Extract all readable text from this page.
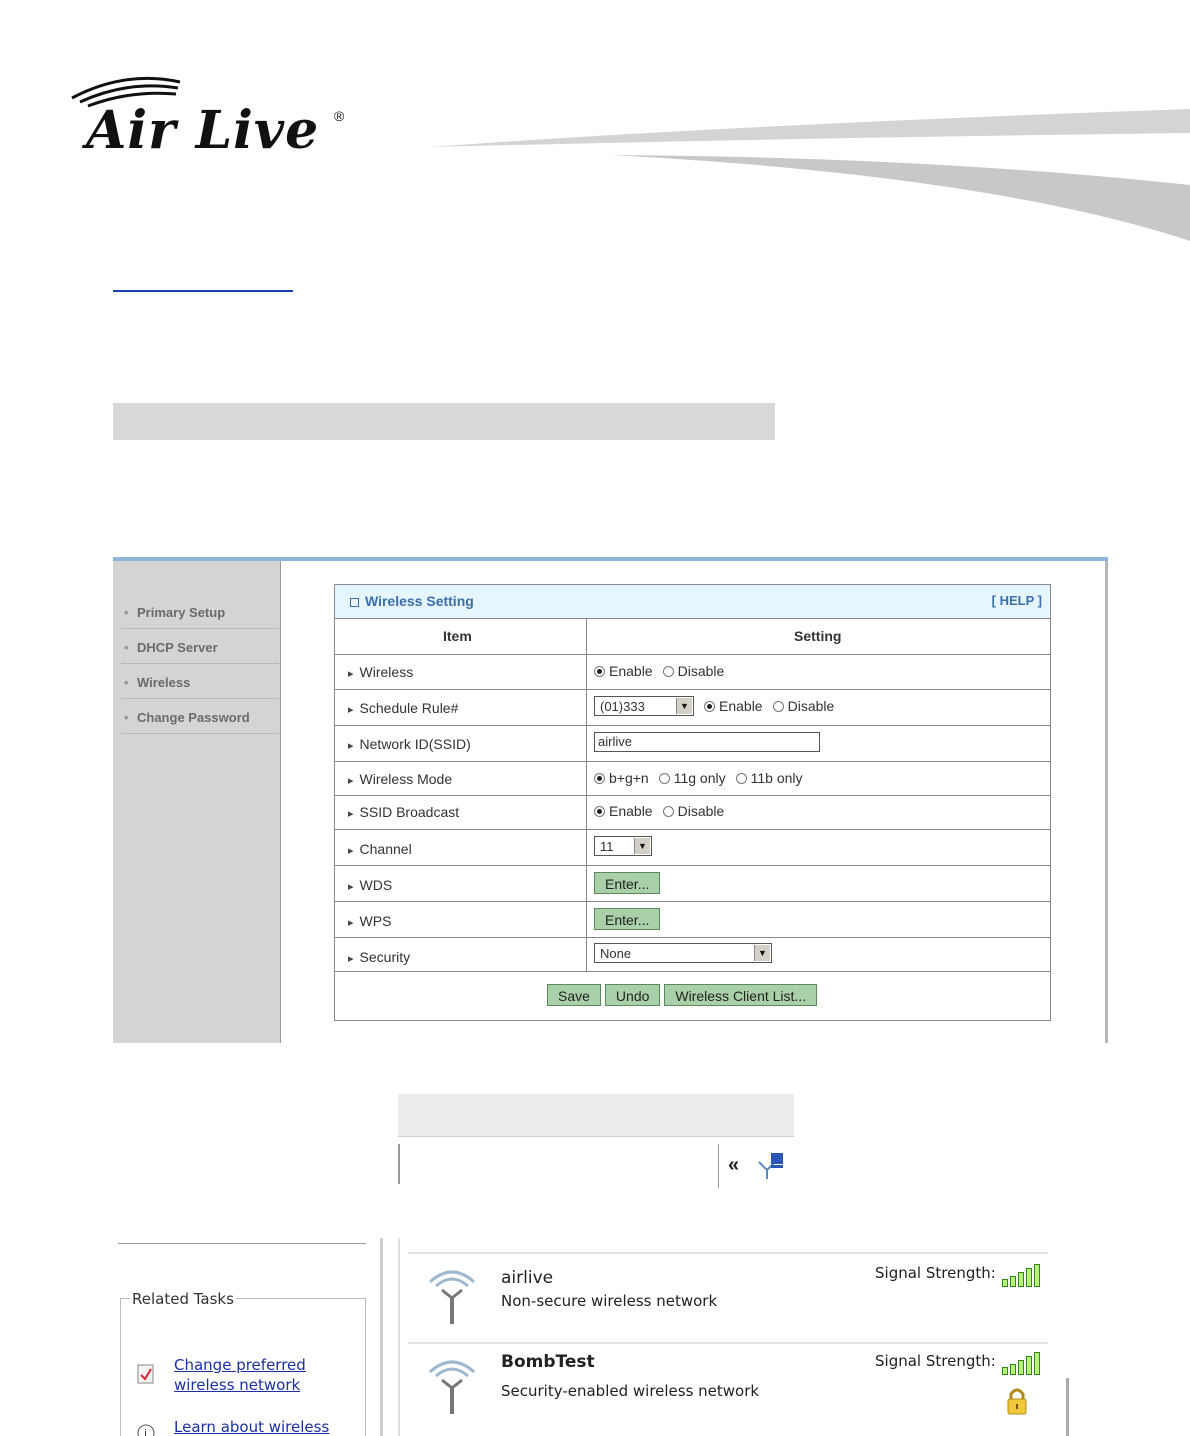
Air Live ®
• Primary Setup
• DHCP Server
• Wireless
• Change Password
Wireless Setting	[ HELP ]
Item	Setting
▸ Wireless	Enable Disable
▸ Schedule Rule#	(01)333	▼ Enable Disable
▸ Network ID(SSID)	airlive
▸ Wireless Mode	b+g+n 11g only 11b only
▸ SSID Broadcast	Enable Disable
▸ Channel	11	▼
▸ WDS	Enter...
▸ WPS	Enter...
▸ Security	None	▼
Save	Undo	Wireless Client List...
«
Related Tasks
Change preferred
wireless network
i Learn about wireless
airlive
Non-secure wireless network
Signal Strength:
BombTest
Security-enabled wireless network
Signal Strength:
